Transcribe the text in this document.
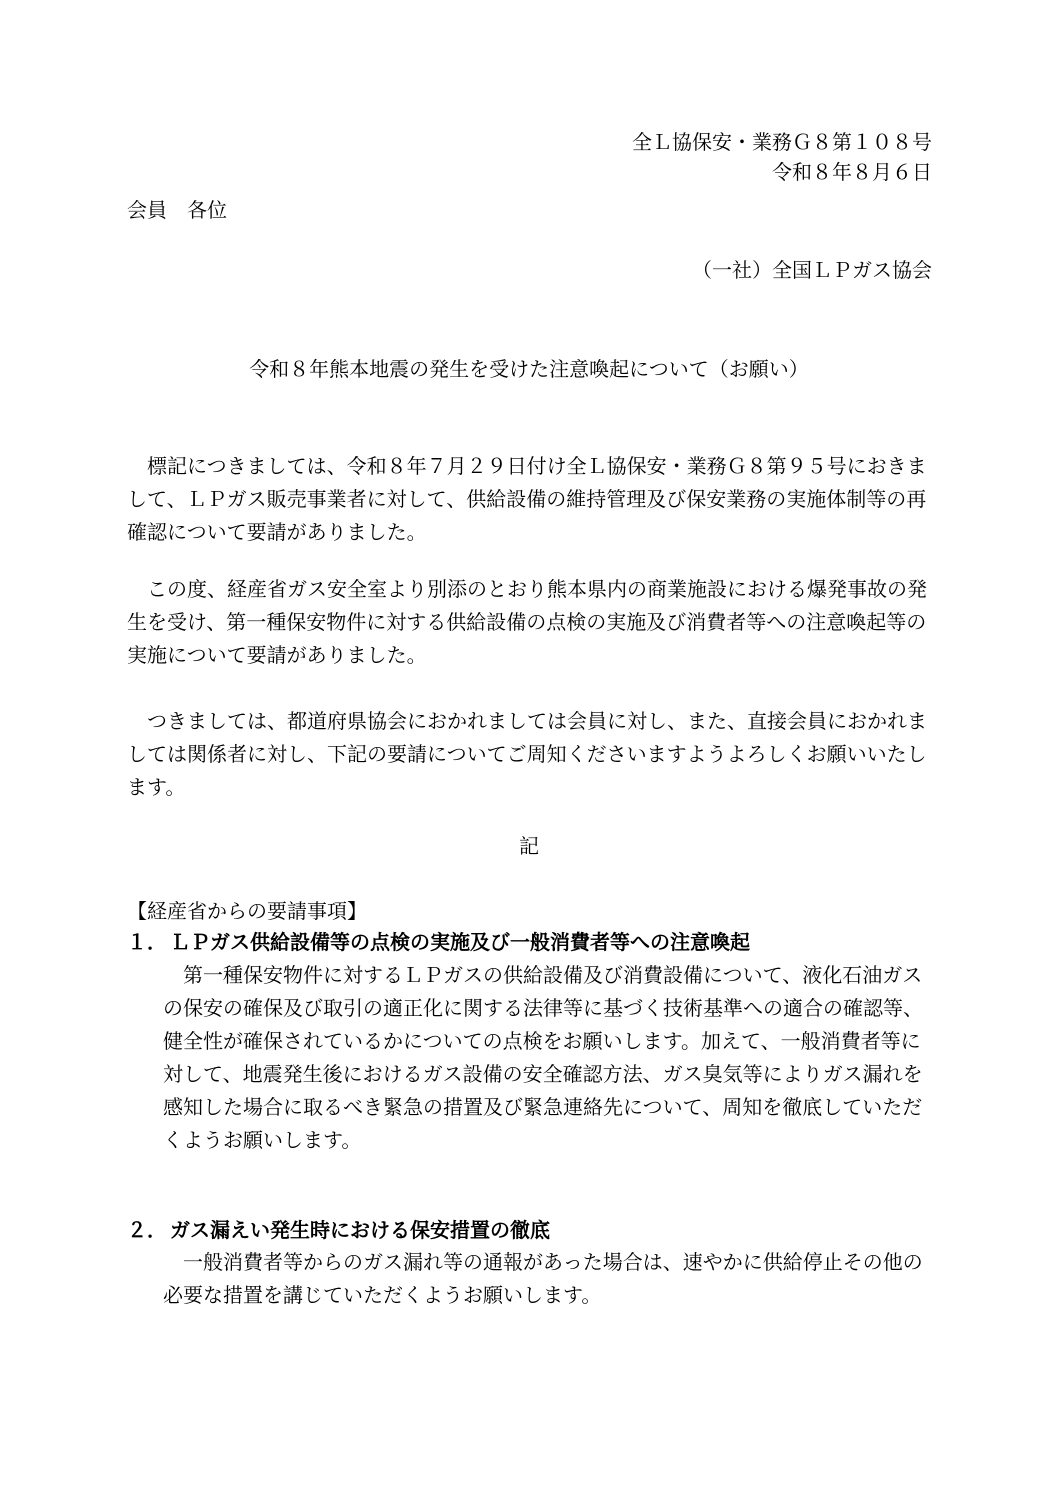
全Ｌ協保安・業務Ｇ８第１０８号
令和８年８月６日
会員　各位
（一社）全国ＬＰガス協会
令和８年熊本地震の発生を受けた注意喚起について（お願い）
標記につきましては、令和８年７月２９日付け全Ｌ協保安・業務Ｇ８第９５号におきまして、ＬＰガス販売事業者に対して、供給設備の維持管理及び保安業務の実施体制等の再確認について要請がありました。
この度、経産省ガス安全室より別添のとおり熊本県内の商業施設における爆発事故の発生を受け、第一種保安物件に対する供給設備の点検の実施及び消費者等への注意喚起等の実施について要請がありました。
つきましては、都道府県協会におかれましては会員に対し、また、直接会員におかれましては関係者に対し、下記の要請についてご周知くださいますようよろしくお願いいたします。
記
【経産省からの要請事項】
１． ＬＰガス供給設備等の点検の実施及び一般消費者等への注意喚起
第一種保安物件に対するＬＰガスの供給設備及び消費設備について、液化石油ガスの保安の確保及び取引の適正化に関する法律等に基づく技術基準への適合の確認等、健全性が確保されているかについての点検をお願いします。加えて、一般消費者等に対して、地震発生後におけるガス設備の安全確認方法、ガス臭気等によりガス漏れを感知した場合に取るべき緊急の措置及び緊急連絡先について、周知を徹底していただくようお願いします。
２． ガス漏えい発生時における保安措置の徹底
一般消費者等からのガス漏れ等の通報があった場合は、速やかに供給停止その他の必要な措置を講じていただくようお願いします。
